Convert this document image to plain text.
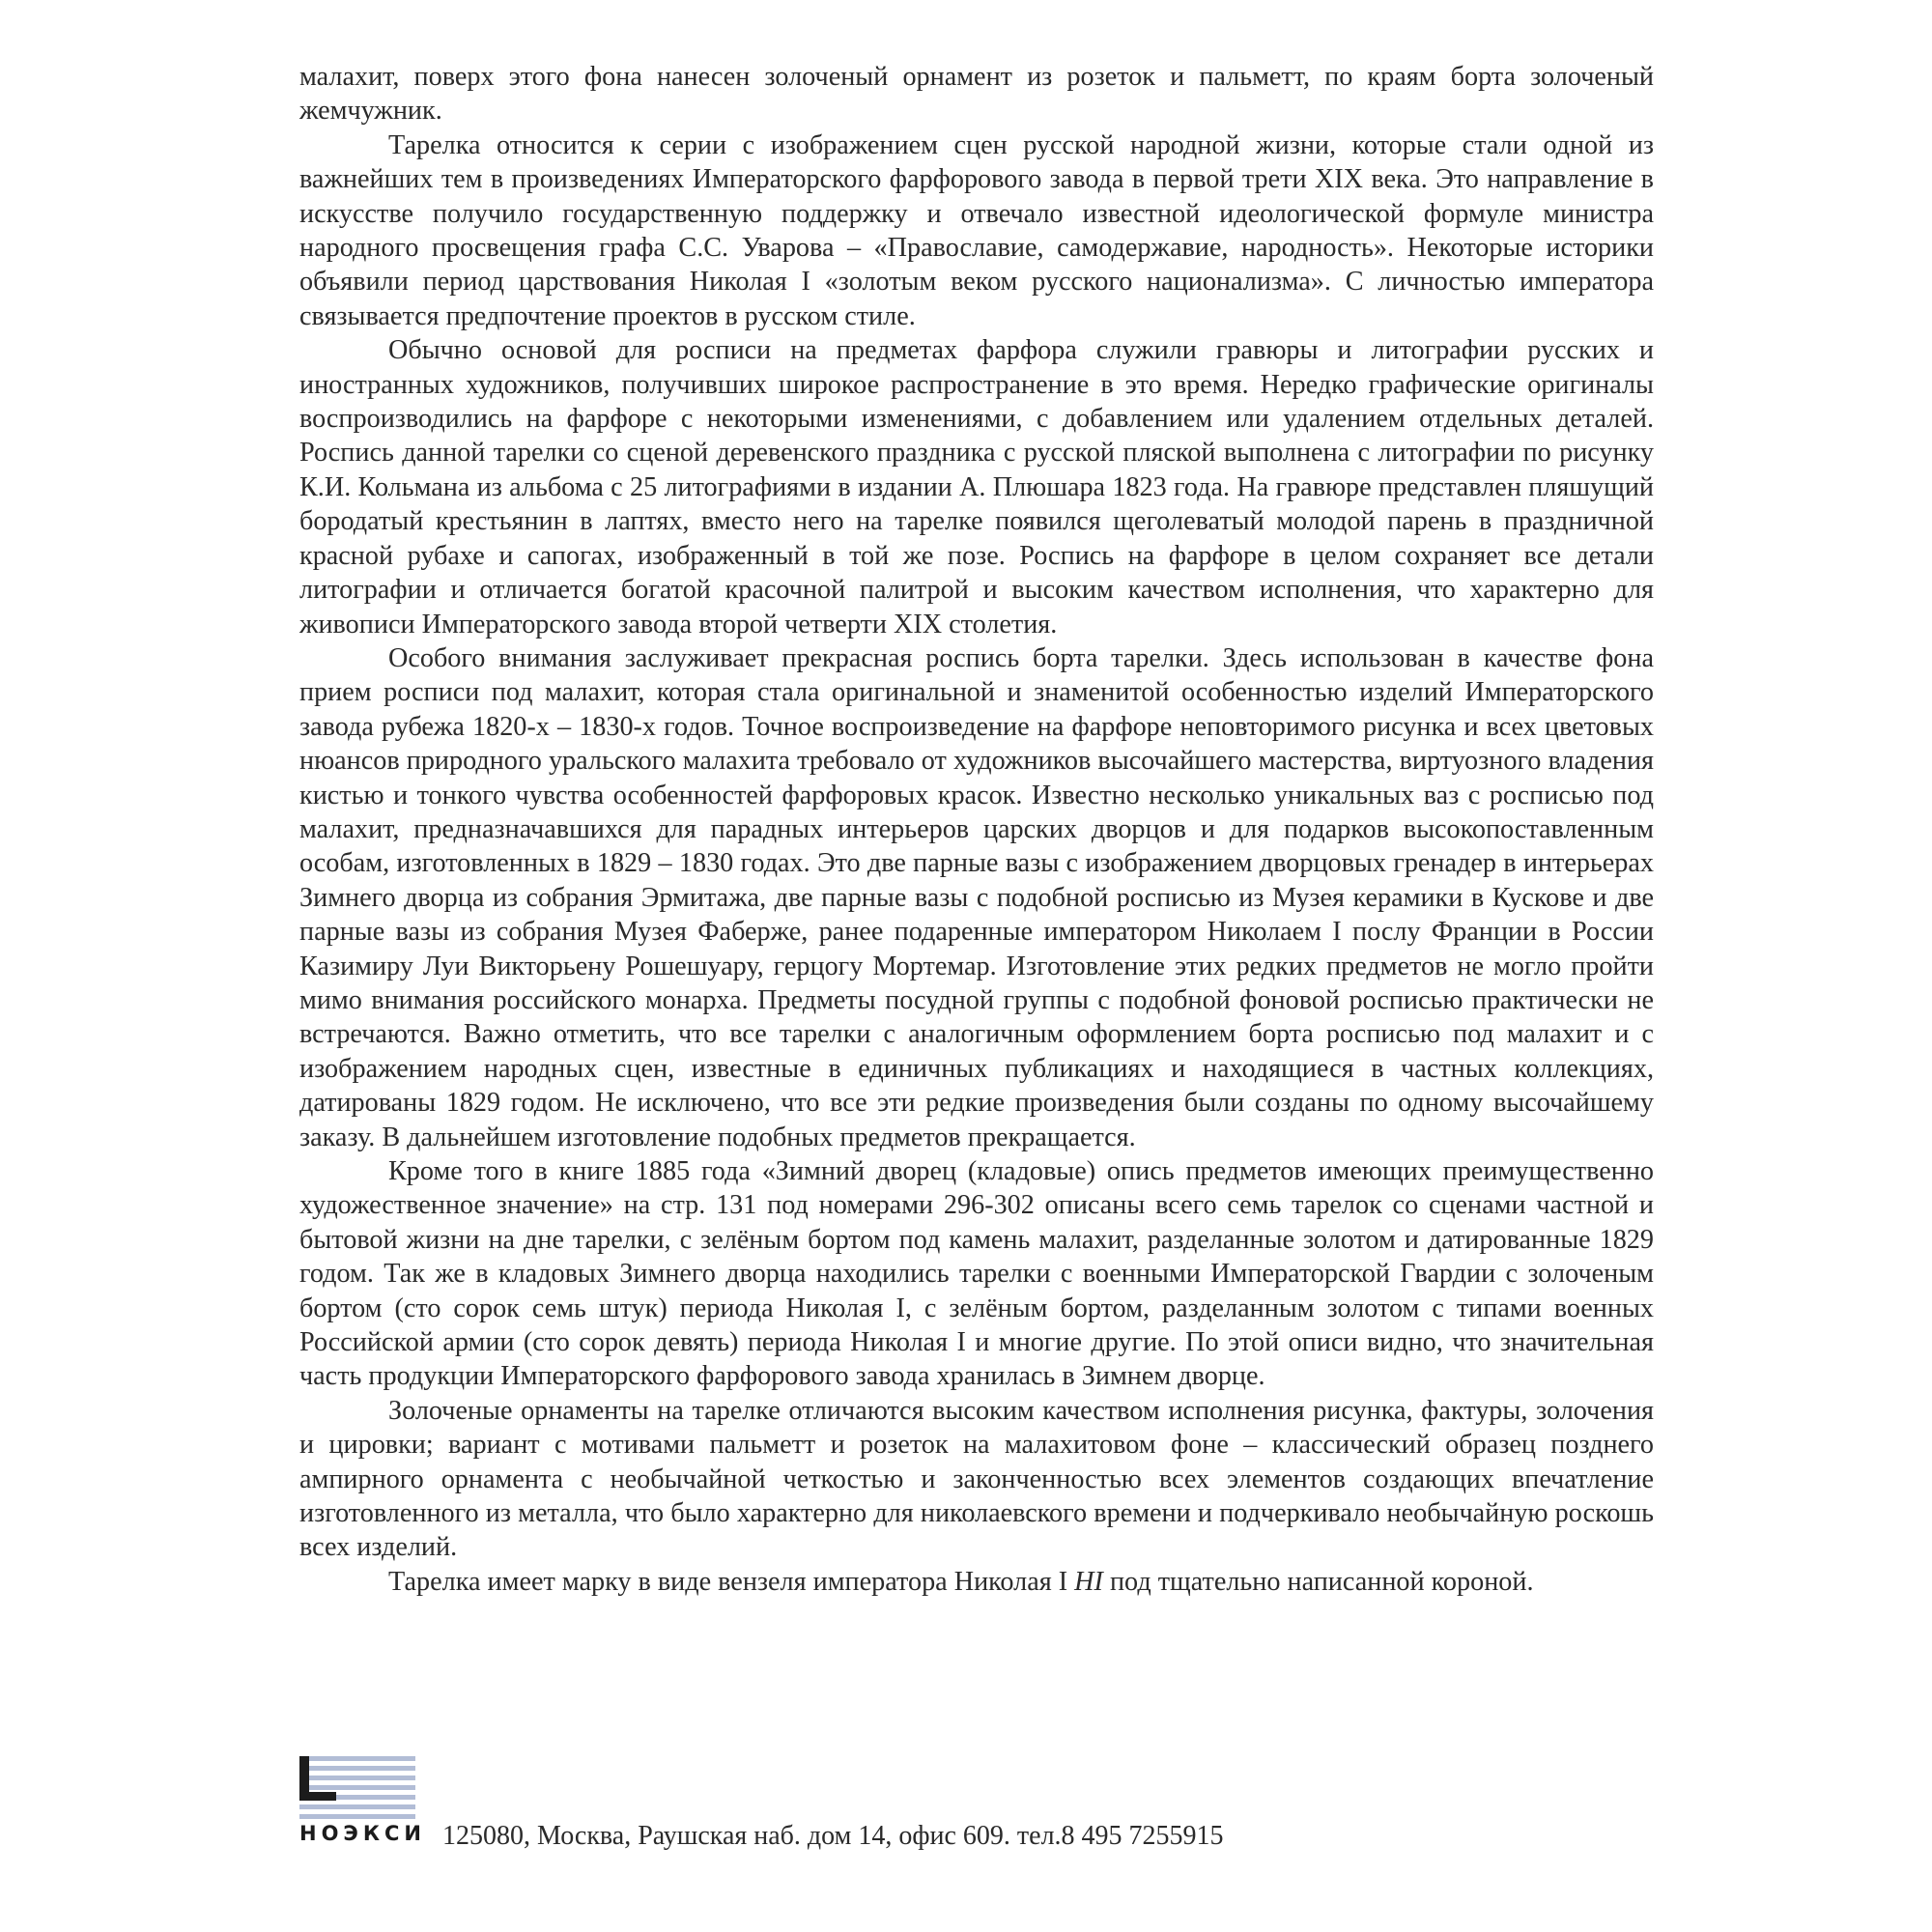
малахит, поверх этого фона нанесен золоченый орнамент из розеток и пальметт, по краям борта золоченый жемчужник.

Тарелка относится к серии с изображением сцен русской народной жизни, которые стали одной из важнейших тем в произведениях Императорского фарфорового завода в первой трети XIX века. Это направление в искусстве получило государственную поддержку и отвечало известной идеологической формуле министра народного просвещения графа С.С. Уварова – «Православие, самодержавие, народность». Некоторые историки объявили период царствования Николая I «золотым веком русского национализма». С личностью императора связывается предпочтение проектов в русском стиле.

Обычно основой для росписи на предметах фарфора служили гравюры и литографии русских и иностранных художников, получивших широкое распространение в это время. Нередко графические оригиналы воспроизводились на фарфоре с некоторыми изменениями, с добавлением или удалением отдельных деталей. Роспись данной тарелки со сценой деревенского праздника с русской пляской выполнена с литографии по рисунку К.И. Кольмана из альбома с 25 литографиями в издании А. Плюшара 1823 года. На гравюре представлен пляшущий бородатый крестьянин в лаптях, вместо него на тарелке появился щеголеватый молодой парень в праздничной красной рубахе и сапогах, изображенный в той же позе. Роспись на фарфоре в целом сохраняет все детали литографии и отличается богатой красочной палитрой и высоким качеством исполнения, что характерно для живописи Императорского завода второй четверти XIX столетия.

Особого внимания заслуживает прекрасная роспись борта тарелки. Здесь использован в качестве фона прием росписи под малахит, которая стала оригинальной и знаменитой особенностью изделий Императорского завода рубежа 1820-х – 1830-х годов. Точное воспроизведение на фарфоре неповторимого рисунка и всех цветовых нюансов природного уральского малахита требовало от художников высочайшего мастерства, виртуозного владения кистью и тонкого чувства особенностей фарфоровых красок. Известно несколько уникальных ваз с росписью под малахит, предназначавшихся для парадных интерьеров царских дворцов и для подарков высокопоставленным особам, изготовленных в 1829 – 1830 годах. Это две парные вазы с изображением дворцовых гренадер в интерьерах Зимнего дворца из собрания Эрмитажа, две парные вазы с подобной росписью из Музея керамики в Кускове и две парные вазы из собрания Музея Фаберже, ранее подаренные императором Николаем I послу Франции в России Казимиру Луи Викторьену Рошешуару, герцогу Мортемар. Изготовление этих редких предметов не могло пройти мимо внимания российского монарха. Предметы посудной группы с подобной фоновой росписью практически не встречаются. Важно отметить, что все тарелки с аналогичным оформлением борта росписью под малахит и с изображением народных сцен, известные в единичных публикациях и находящиеся в частных коллекциях, датированы 1829 годом. Не исключено, что все эти редкие произведения были созданы по одному высочайшему заказу. В дальнейшем изготовление подобных предметов прекращается.

Кроме того в книге 1885 года «Зимний дворец (кладовые) опись предметов имеющих преимущественно художественное значение» на стр. 131 под номерами 296-302 описаны всего семь тарелок со сценами частной и бытовой жизни на дне тарелки, с зелёным бортом под камень малахит, разделанные золотом и датированные 1829 годом. Так же в кладовых Зимнего дворца находились тарелки с военными Императорской Гвардии с золоченым бортом (сто сорок семь штук) периода Николая I, с зелёным бортом, разделанным золотом с типами военных Российской армии (сто сорок девять) периода Николая I и многие другие. По этой описи видно, что значительная часть продукции Императорского фарфорового завода хранилась в Зимнем дворце.

Золоченые орнаменты на тарелке отличаются высоким качеством исполнения рисунка, фактуры, золочения и цировки; вариант с мотивами пальметт и розеток на малахитовом фоне – классический образец позднего ампирного орнамента с необычайной четкостью и законченностью всех элементов создающих впечатление изготовленного из металла, что было характерно для николаевского времени и подчеркивало необычайную роскошь всех изделий.

Тарелка имеет марку в виде вензеля императора Николая I HI под тщательно написанной короной.

НОЭКСИ 125080, Москва, Раушская наб. дом 14, офис 609. тел.8 495 7255915
